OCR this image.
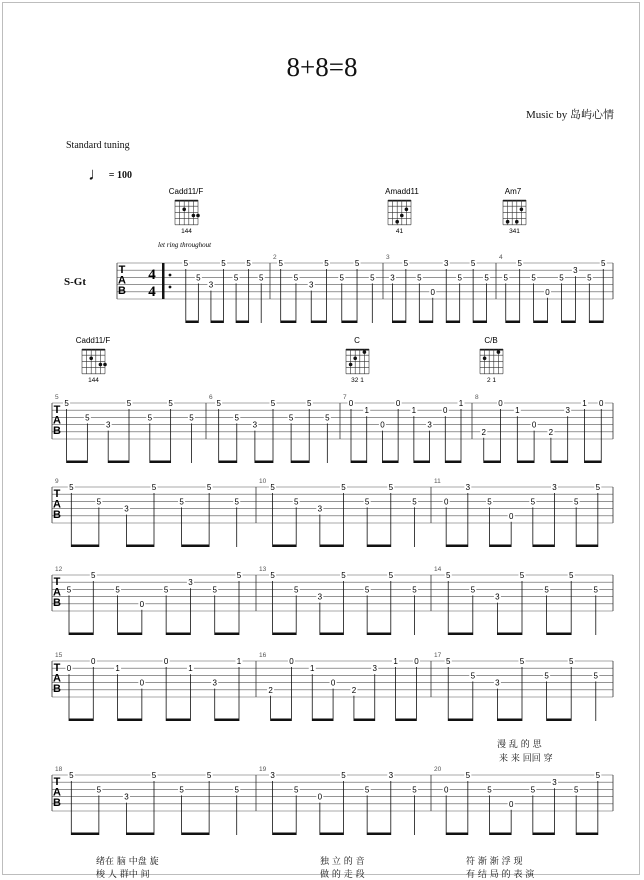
8+8=8
Music by 岛屿心情
Standard tuning
♩ = 100
S-Gt
T
A
B
4
4
2	3	4
5
5
3
5
5
5
5
5
5
3
5
5
5
5 3
5
5
0
3
5
5
5 5
5
5
0
5
3
5
5
T
A
B
5	6	7	8
5
5
3
5
5
5
5
5
5
3
5
5
5
5
0
1
0
0
1
3
0
1
2
0
1
0
2
3
1 0
T
A
B
9	10	11
5
5
3
5
5
5
5
5
5
3
5
5
5
5	0
3
5
0
5
3
5
5
T
A
B
12	13	14
5
5
5
0
5
3
5
5	5
5
3
5
5
5
5
5
5
3
5
5
5
5
T
A
B
15	16	17
0
0
1
0
0
1
3
1
2
0
1
0
2
3
1 0	5
5
3
5
5
5
5
T
A
B
18	19	20
5
5
3
5
5
5
5
3
5
0
5
5
3
5	0
5
5
0
5
3
5
5
Cadd11/F
144
Amadd11
41
Am7
341
Cadd11/F
144
C
32 1
C/B
2 1
let ring throughout
漫 乱 的 思
来 来 回回 穿
绪在 脑 中盘 旋
梭 人 群中 间
独 立 的 音
做 的 走 段
符 渐 渐 浮 现
有 结 局 的 表 演
